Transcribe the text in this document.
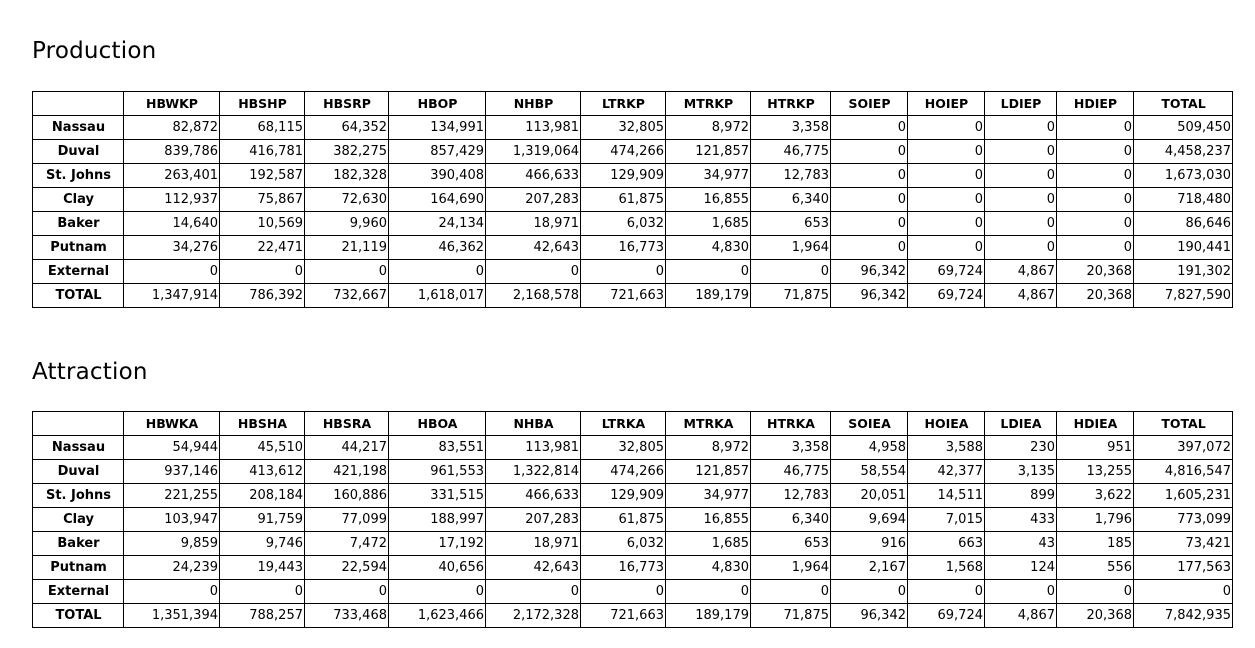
Production
	HBWKP	HBSHP	HBSRP	HBOP	NHBP	LTRKP	MTRKP	HTRKP	SOIEP	HOIEP	LDIEP	HDIEP	TOTAL
Nassau	82,872	68,115	64,352	134,991	113,981	32,805	8,972	3,358	0	0	0	0	509,450
Duval	839,786	416,781	382,275	857,429	1,319,064	474,266	121,857	46,775	0	0	0	0	4,458,237
St. Johns	263,401	192,587	182,328	390,408	466,633	129,909	34,977	12,783	0	0	0	0	1,673,030
Clay	112,937	75,867	72,630	164,690	207,283	61,875	16,855	6,340	0	0	0	0	718,480
Baker	14,640	10,569	9,960	24,134	18,971	6,032	1,685	653	0	0	0	0	86,646
Putnam	34,276	22,471	21,119	46,362	42,643	16,773	4,830	1,964	0	0	0	0	190,441
External	0	0	0	0	0	0	0	0	96,342	69,724	4,867	20,368	191,302
TOTAL	1,347,914	786,392	732,667	1,618,017	2,168,578	721,663	189,179	71,875	96,342	69,724	4,867	20,368	7,827,590
Attraction
	HBWKA	HBSHA	HBSRA	HBOA	NHBA	LTRKA	MTRKA	HTRKA	SOIEA	HOIEA	LDIEA	HDIEA	TOTAL
Nassau	54,944	45,510	44,217	83,551	113,981	32,805	8,972	3,358	4,958	3,588	230	951	397,072
Duval	937,146	413,612	421,198	961,553	1,322,814	474,266	121,857	46,775	58,554	42,377	3,135	13,255	4,816,547
St. Johns	221,255	208,184	160,886	331,515	466,633	129,909	34,977	12,783	20,051	14,511	899	3,622	1,605,231
Clay	103,947	91,759	77,099	188,997	207,283	61,875	16,855	6,340	9,694	7,015	433	1,796	773,099
Baker	9,859	9,746	7,472	17,192	18,971	6,032	1,685	653	916	663	43	185	73,421
Putnam	24,239	19,443	22,594	40,656	42,643	16,773	4,830	1,964	2,167	1,568	124	556	177,563
External	0	0	0	0	0	0	0	0	0	0	0	0	0
TOTAL	1,351,394	788,257	733,468	1,623,466	2,172,328	721,663	189,179	71,875	96,342	69,724	4,867	20,368	7,842,935
